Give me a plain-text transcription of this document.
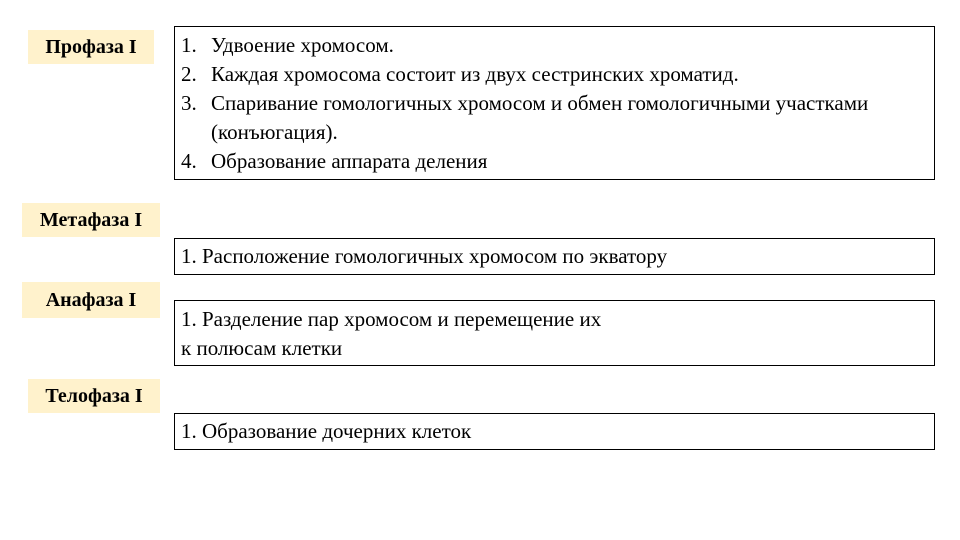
Профаза I	1. Удвоение хромосом.
2. Каждая хромосома состоит из двух сестринских хроматид.
3. Спаривание гомологичных хромосом и обмен гомологичными участками (конъюгация).
4. Образование аппарата деления
Метафаза I
1. Расположение гомологичных хромосом по экватору
Анафаза I
1. Разделение пар хромосом и перемещение их
к полюсам клетки
Телофаза I
1. Образование дочерних клеток
